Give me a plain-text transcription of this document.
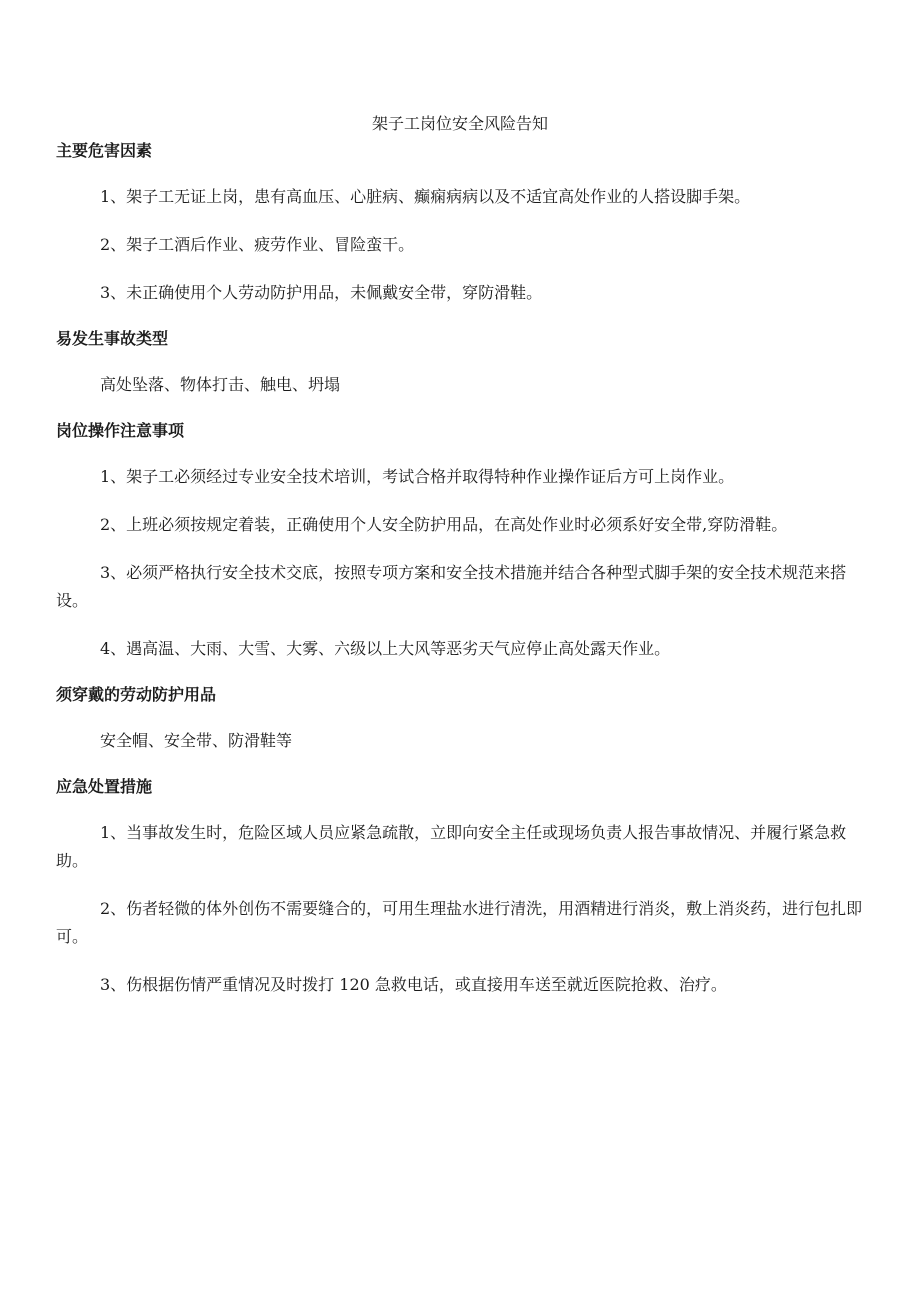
架子工岗位安全风险告知
主要危害因素

1、架子工无证上岗，患有高血压、心脏病、癫痫病病以及不适宜高处作业的人搭设脚手架。

2、架子工酒后作业、疲劳作业、冒险蛮干。

3、未正确使用个人劳动防护用品，未佩戴安全带，穿防滑鞋。

易发生事故类型

高处坠落、物体打击、触电、坍塌

岗位操作注意事项

1、架子工必须经过专业安全技术培训，考试合格并取得特种作业操作证后方可上岗作业。

2、上班必须按规定着装，正确使用个人安全防护用品，在高处作业时必须系好安全带,穿防滑鞋。

3、必须严格执行安全技术交底，按照专项方案和安全技术措施并结合各种型式脚手架的安全技术规范来搭设。

4、遇高温、大雨、大雪、大雾、六级以上大风等恶劣天气应停止高处露天作业。

须穿戴的劳动防护用品

安全帽、安全带、防滑鞋等

应急处置措施

1、当事故发生时，危险区域人员应紧急疏散，立即向安全主任或现场负责人报告事故情况、并履行紧急救助。

2、伤者轻微的体外创伤不需要缝合的，可用生理盐水进行清洗，用酒精进行消炎，敷上消炎药，进行包扎即可。

3、伤根据伤情严重情况及时拨打 120 急救电话，或直接用车送至就近医院抢救、治疗。
